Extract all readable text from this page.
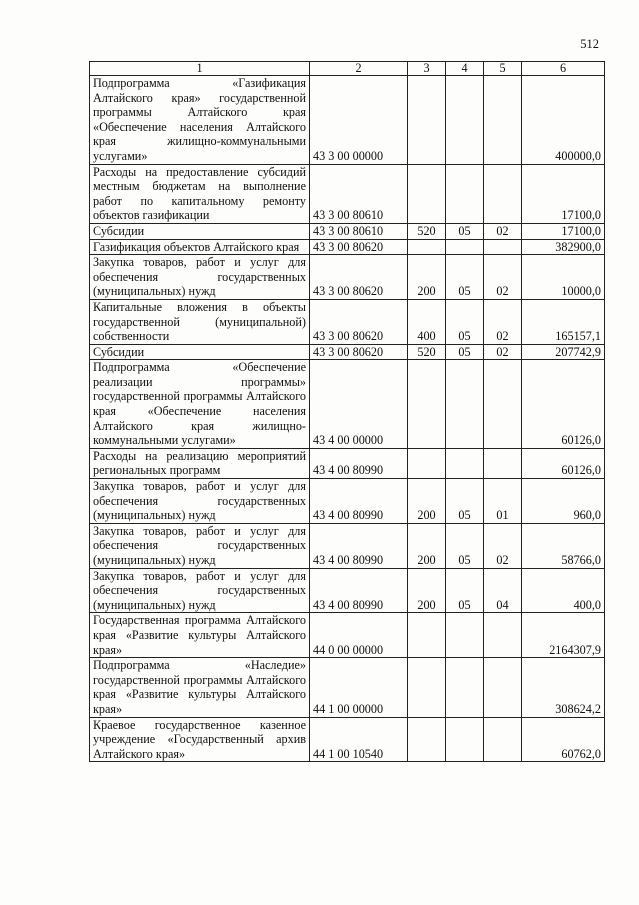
512
1	2	3	4	5	6
Подпрограмма «Газификация Алтайского края» государственной программы Алтайского края «Обеспечение населения Алтайского края жилищно-коммунальными услугами»	43 3 00 00000				400000,0
Расходы на предоставление субсидий местным бюджетам на выполнение работ по капитальному ремонту объектов газификации	43 3 00 80610				17100,0
Субсидии	43 3 00 80610	520	05	02	17100,0
Газификация объектов Алтайского края	43 3 00 80620				382900,0
Закупка товаров, работ и услуг для обеспечения государственных (муниципальных) нужд	43 3 00 80620	200	05	02	10000,0
Капитальные вложения в объекты государственной (муниципальной) собственности	43 3 00 80620	400	05	02	165157,1
Субсидии	43 3 00 80620	520	05	02	207742,9
Подпрограмма «Обеспечение реализации программы» государственной программы Алтайского края «Обеспечение населения Алтайского края жилищно-коммунальными услугами»	43 4 00 00000				60126,0
Расходы на реализацию мероприятий региональных программ	43 4 00 80990				60126,0
Закупка товаров, работ и услуг для обеспечения государственных (муниципальных) нужд	43 4 00 80990	200	05	01	960,0
Закупка товаров, работ и услуг для обеспечения государственных (муниципальных) нужд	43 4 00 80990	200	05	02	58766,0
Закупка товаров, работ и услуг для обеспечения государственных (муниципальных) нужд	43 4 00 80990	200	05	04	400,0
Государственная программа Алтайского края «Развитие культуры Алтайского края»	44 0 00 00000				2164307,9
Подпрограмма «Наследие» государственной программы Алтайского края «Развитие культуры Алтайского края»	44 1 00 00000				308624,2
Краевое государственное казенное учреждение «Государственный архив Алтайского края»	44 1 00 10540				60762,0
